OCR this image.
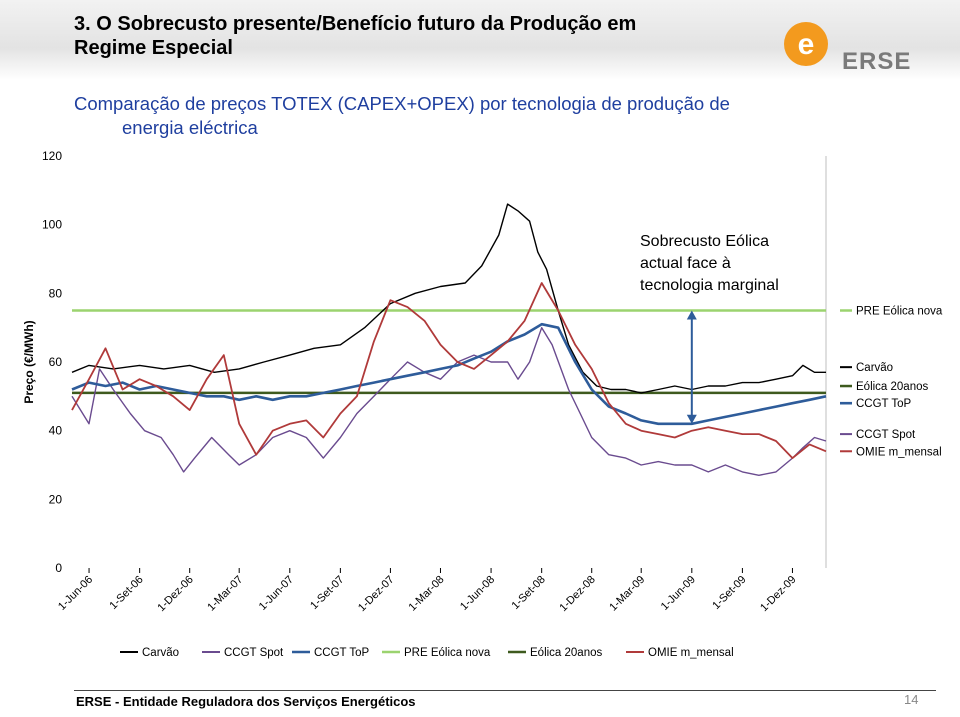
3. O Sobrecusto presente/Benefício futuro da Produção em Regime Especial	e
ERSE
Comparação de preços TOTEX (CAPEX+OPEX) por tecnologia de produção de
energia eléctrica
0
20
40
60
80
100
120
Preço (€/MWh)
1-Jun-06 1-Set-06 1-Dez-06 1-Mar-07 1-Jun-07 1-Set-07 1-Dez-07 1-Mar-08 1-Jun-08 1-Set-08 1-Dez-08 1-Mar-09 1-Jun-09 1-Set-09 1-Dez-09
PRE Eólica nova
Carvão
Eólica 20anos
CCGT ToP
CCGT Spot
OMIE m_mensal
Sobrecusto Eólica
actual face à
tecnologia marginal
Carvão	CCGT Spot	CCGT ToP	PRE Eólica nova	Eólica 20anos	OMIE m_mensal
ERSE - Entidade Reguladora dos Serviços Energéticos	14
